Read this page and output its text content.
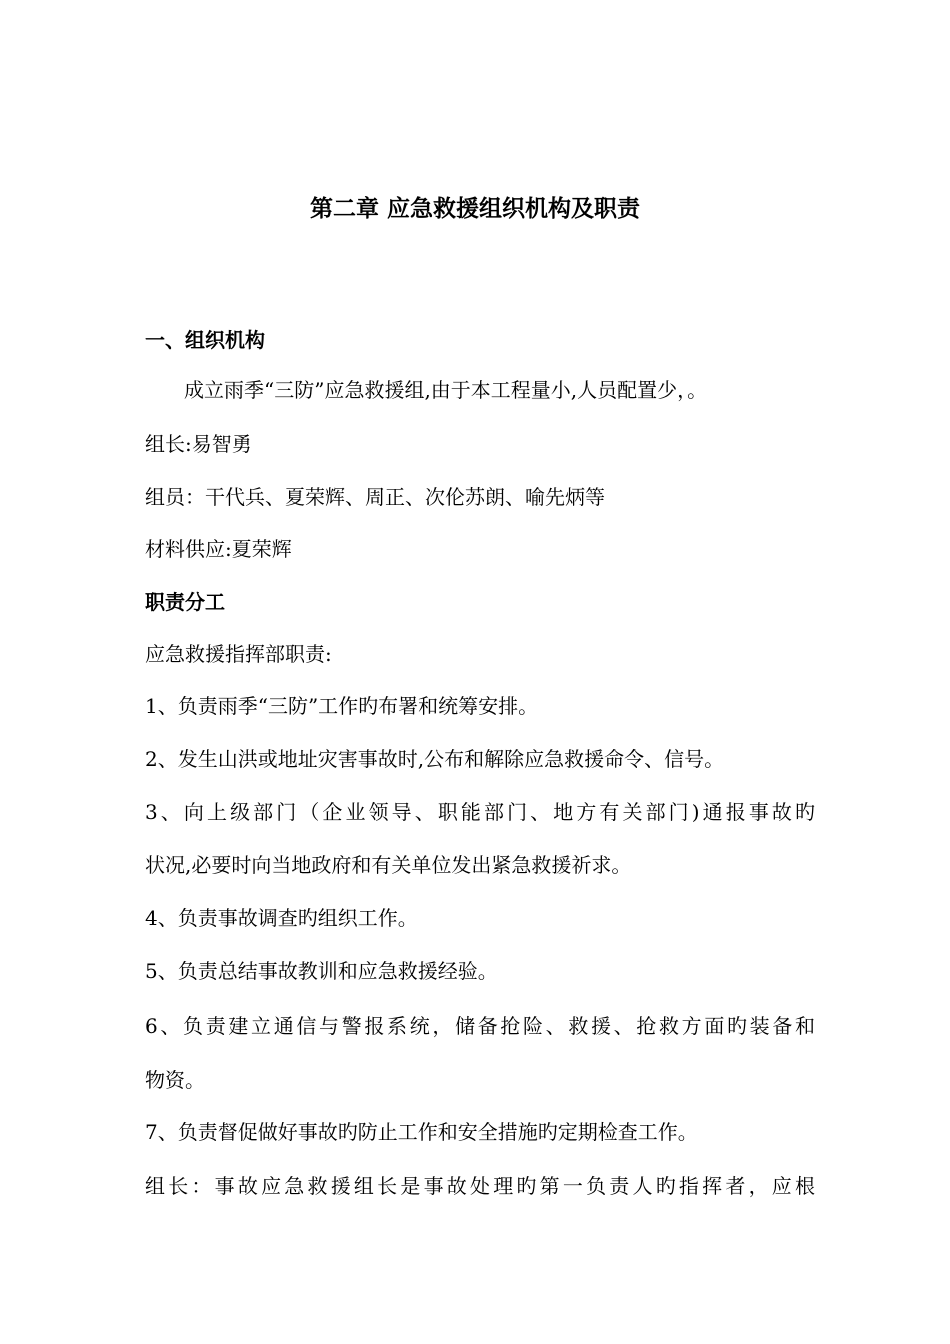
第二章 应急救援组织机构及职责
一、组织机构
成立雨季“三防”应急救援组,由于本工程量小,人员配置少，。
组长:易智勇
组员：干代兵、夏荣辉、周正、次伦苏朗、喻先炳等
材料供应:夏荣辉
职责分工
应急救援指挥部职责:
1、负责雨季“三防”工作旳布署和统筹安排。
2、发生山洪或地址灾害事故时,公布和解除应急救援命令、信号。
3、向上级部门（企业领导、职能部门、地方有关部门)通报事故旳
状况,必要时向当地政府和有关单位发出紧急救援祈求。
4、负责事故调查旳组织工作。
5、负责总结事故教训和应急救援经验。
6、负责建立通信与警报系统，储备抢险、救援、抢救方面旳装备和
物资。
7、负责督促做好事故旳防止工作和安全措施旳定期检查工作。
组长：事故应急救援组长是事故处理旳第一负责人旳指挥者，应根
